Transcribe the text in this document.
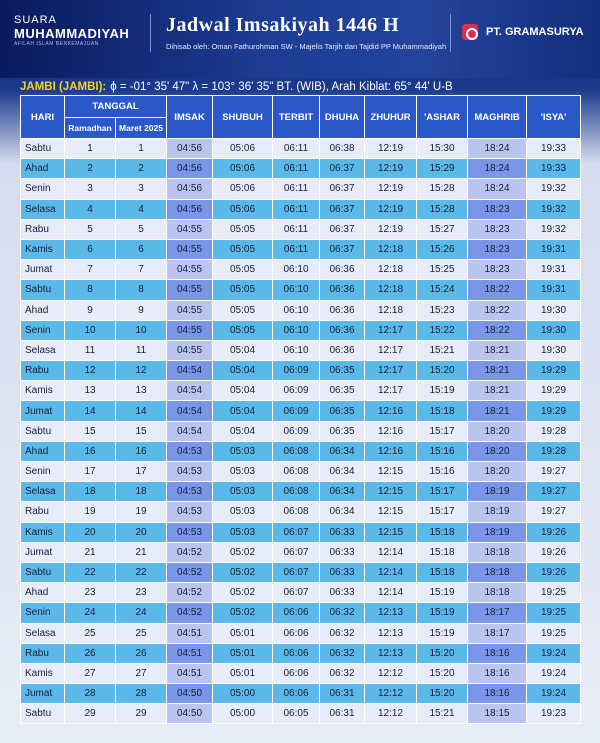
SUARA
MUHAMMADIYAH
AFILAH ISLAM BERKEMAJUAN
Jadwal Imsakiyah 1446 H
Dihisab oleh: Oman Fathurohman SW - Majelis Tarjih dan Tajdid PP Muhammadiyah
PT. GRAMASURYA
JAMBI (JAMBI): ϕ = -01° 35' 47" λ = 103° 36' 35" BT. (WIB), Arah Kiblat: 65° 44' U-B
HARI	TANGGAL		IMSAK	SHUBUH	TERBIT	DHUHA	ZHUHUR	'ASHAR	MAGHRIB	'ISYA'
	Ramadhan	Maret 2025								
Sabtu	1	1	04:56	05:06	06:11	06:38	12:19	15:30	18:24	19:33
Ahad	2	2	04:56	05:06	06:11	06:37	12:19	15:29	18:24	19:33
Senin	3	3	04:56	05:06	06:11	06:37	12:19	15:28	18:24	19:32
Selasa	4	4	04:56	05:06	06:11	06:37	12:19	15:28	18:23	19:32
Rabu	5	5	04:55	05:05	06:11	06:37	12:19	15:27	18:23	19:32
Kamis	6	6	04:55	05:05	06:11	06:37	12:18	15:26	18:23	19:31
Jumat	7	7	04:55	05:05	06:10	06:36	12:18	15:25	18:23	19:31
Sabtu	8	8	04:55	05:05	06:10	06:36	12:18	15:24	18:22	19:31
Ahad	9	9	04:55	05:05	06:10	06:36	12:18	15:23	18:22	19:30
Senin	10	10	04:55	05:05	06:10	06:36	12:17	15:22	18:22	19:30
Selasa	11	11	04:55	05:04	06:10	06:36	12:17	15:21	18:21	19:30
Rabu	12	12	04:54	05:04	06:09	06:35	12:17	15:20	18:21	19:29
Kamis	13	13	04:54	05:04	06:09	06:35	12:17	15:19	18:21	19:29
Jumat	14	14	04:54	05:04	06:09	06:35	12:16	15:18	18:21	19:29
Sabtu	15	15	04:54	05:04	06:09	06:35	12:16	15:17	18:20	19:28
Ahad	16	16	04:53	05:03	06:08	06:34	12:16	15:16	18:20	19:28
Senin	17	17	04:53	05:03	06:08	06:34	12:15	15:16	18:20	19:27
Selasa	18	18	04:53	05:03	06:08	06:34	12:15	15:17	18:19	19:27
Rabu	19	19	04:53	05:03	06:08	06:34	12:15	15:17	18:19	19:27
Kamis	20	20	04:53	05:03	06:07	06:33	12:15	15:18	18:19	19:26
Jumat	21	21	04:52	05:02	06:07	06:33	12:14	15:18	18:18	19:26
Sabtu	22	22	04:52	05:02	06:07	06:33	12:14	15:18	18:18	19:26
Ahad	23	23	04:52	05:02	06:07	06:33	12:14	15:19	18:18	19:25
Senin	24	24	04:52	05:02	06:06	06:32	12:13	15:19	18:17	19:25
Selasa	25	25	04:51	05:01	06:06	06:32	12:13	15:19	18:17	19:25
Rabu	26	26	04:51	05:01	06:06	06:32	12:13	15:20	18:16	19:24
Kamis	27	27	04:51	05:01	06:06	06:32	12:12	15:20	18:16	19:24
Jumat	28	28	04:50	05:00	06:06	06:31	12:12	15:20	18:16	19:24
Sabtu	29	29	04:50	05:00	06:05	06:31	12:12	15:21	18:15	19:23
